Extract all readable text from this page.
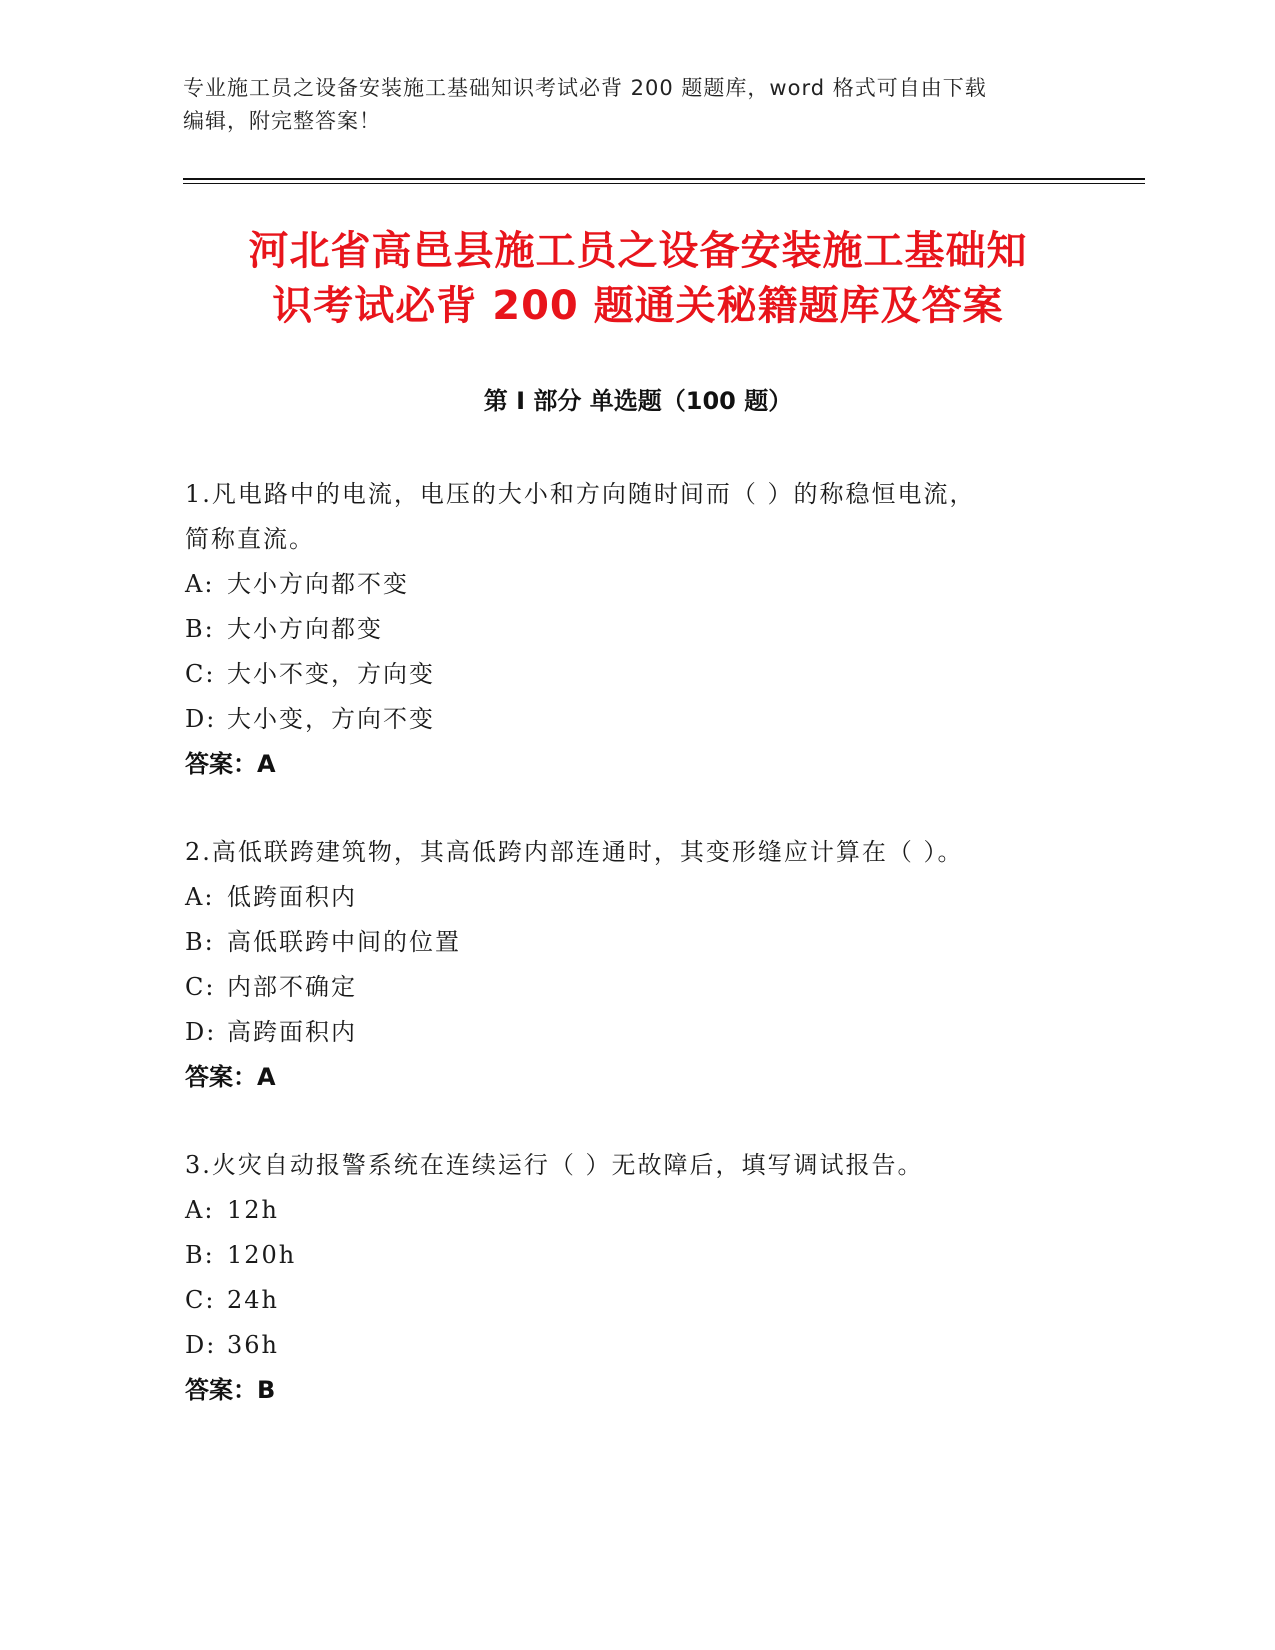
专业施工员之设备安装施工基础知识考试必背 200 题题库，word 格式可自由下载
编辑，附完整答案！
河北省高邑县施工员之设备安装施工基础知
识考试必背 200 题通关秘籍题库及答案
第 I 部分 单选题（100 题）
1.凡电路中的电流，电压的大小和方向随时间而（ ）的称稳恒电流，
简称直流。
A: 大小方向都不变
B: 大小方向都变
C: 大小不变，方向变
D: 大小变，方向不变
答案：A
2.高低联跨建筑物，其高低跨内部连通时，其变形缝应计算在（ ）。
A: 低跨面积内
B: 高低联跨中间的位置
C: 内部不确定
D: 高跨面积内
答案：A
3.火灾自动报警系统在连续运行（ ）无故障后，填写调试报告。
A: 12h
B: 120h
C: 24h
D: 36h
答案：B
